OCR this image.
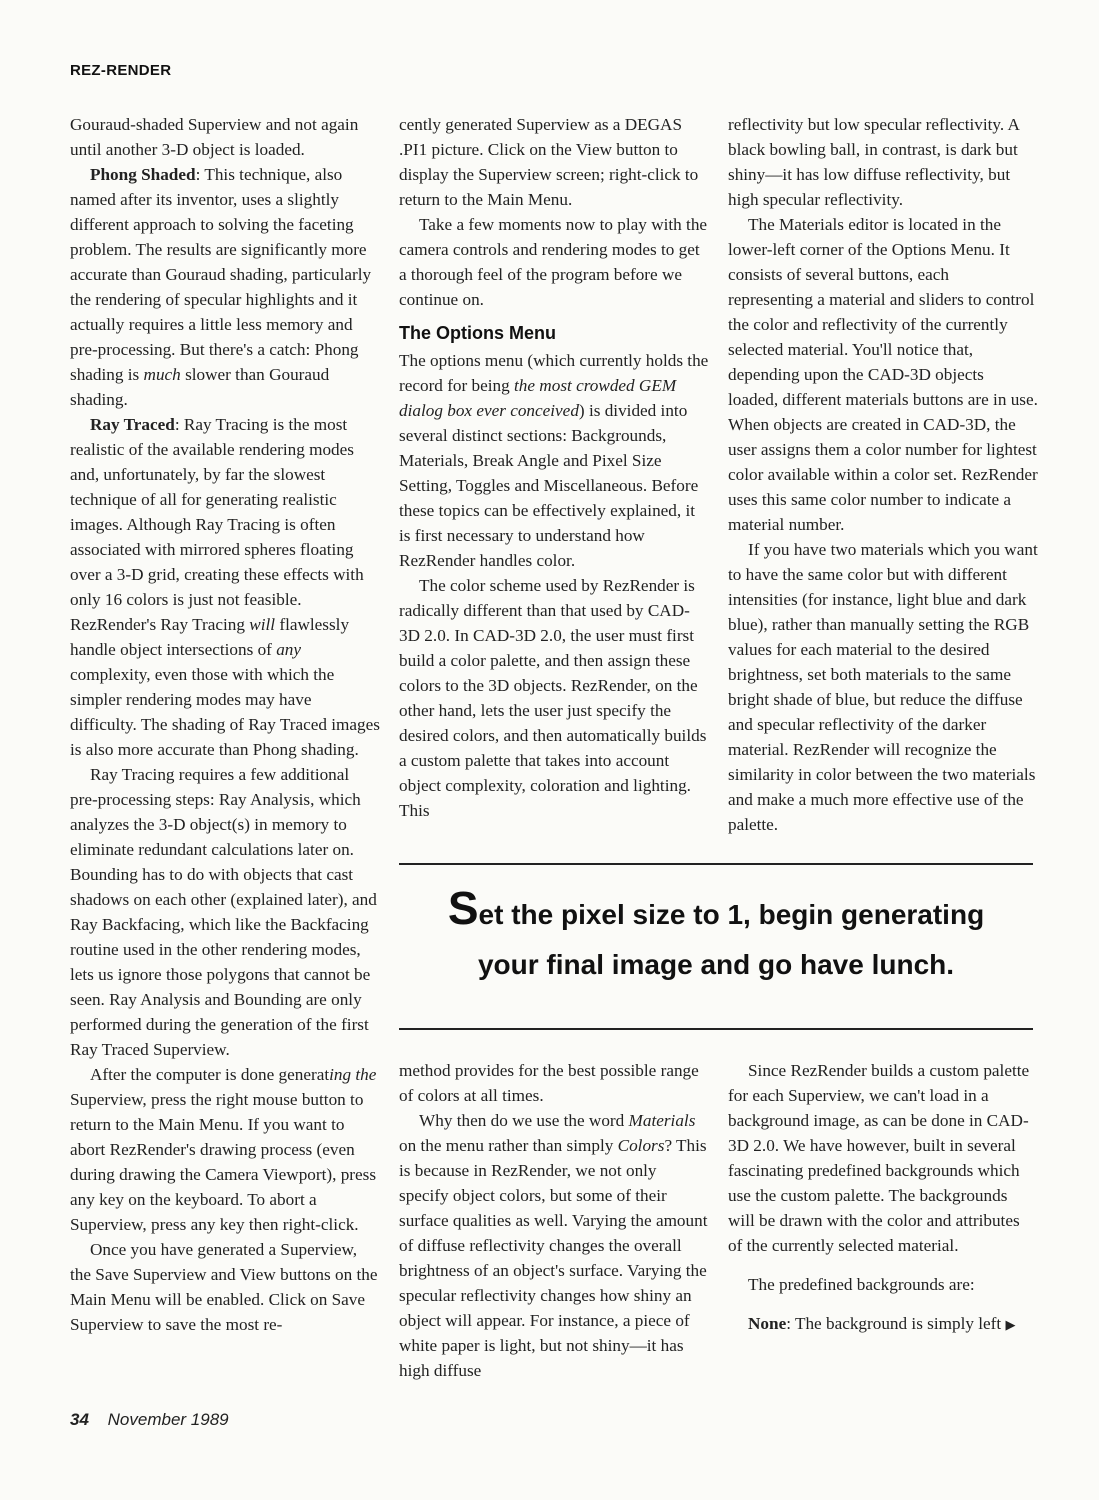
REZ-RENDER

Gouraud-shaded Superview and not again until another 3-D object is loaded.

Phong Shaded: This technique, also named after its inventor, uses a slightly different approach to solving the faceting problem. The results are significantly more accurate than Gouraud shading, particularly the rendering of specular highlights and it actually requires a little less memory and pre-processing. But there's a catch: Phong shading is much slower than Gouraud shading.

Ray Traced: Ray Tracing is the most realistic of the available rendering modes and, unfortunately, by far the slowest technique of all for generating realistic images. Although Ray Tracing is often associated with mirrored spheres floating over a 3-D grid, creating these effects with only 16 colors is just not feasible. RezRender's Ray Tracing will flawlessly handle object intersections of any complexity, even those with which the simpler rendering modes may have difficulty. The shading of Ray Traced images is also more accurate than Phong shading.

Ray Tracing requires a few additional pre-processing steps: Ray Analysis, which analyzes the 3-D object(s) in memory to eliminate redundant calculations later on. Bounding has to do with objects that cast shadows on each other (explained later), and Ray Backfacing, which like the Backfacing routine used in the other rendering modes, lets us ignore those polygons that cannot be seen. Ray Analysis and Bounding are only performed during the generation of the first Ray Traced Superview.

After the computer is done generating the Superview, press the right mouse button to return to the Main Menu. If you want to abort RezRender's drawing process (even during drawing the Camera Viewport), press any key on the keyboard. To abort a Superview, press any key then right-click.

Once you have generated a Superview, the Save Superview and View buttons on the Main Menu will be enabled. Click on Save Superview to save the most re-

cently generated Superview as a DEGAS .PI1 picture. Click on the View button to display the Superview screen; right-click to return to the Main Menu.

Take a few moments now to play with the camera controls and rendering modes to get a thorough feel of the program before we continue on.

The Options Menu

The options menu (which currently holds the record for being the most crowded GEM dialog box ever conceived) is divided into several distinct sections: Backgrounds, Materials, Break Angle and Pixel Size Setting, Toggles and Miscellaneous. Before these topics can be effectively explained, it is first necessary to understand how RezRender handles color.

The color scheme used by RezRender is radically different than that used by CAD-3D 2.0. In CAD-3D 2.0, the user must first build a color palette, and then assign these colors to the 3D objects. RezRender, on the other hand, lets the user just specify the desired colors, and then automatically builds a custom palette that takes into account object complexity, coloration and lighting. This

reflectivity but low specular reflectivity. A black bowling ball, in contrast, is dark but shiny—it has low diffuse reflectivity, but high specular reflectivity.

The Materials editor is located in the lower-left corner of the Options Menu. It consists of several buttons, each representing a material and sliders to control the color and reflectivity of the currently selected material. You'll notice that, depending upon the CAD-3D objects loaded, different materials buttons are in use. When objects are created in CAD-3D, the user assigns them a color number for lightest color available within a color set. RezRender uses this same color number to indicate a material number.

If you have two materials which you want to have the same color but with different intensities (for instance, light blue and dark blue), rather than manually setting the RGB values for each material to the desired brightness, set both materials to the same bright shade of blue, but reduce the diffuse and specular reflectivity of the darker material. RezRender will recognize the similarity in color between the two materials and make a much more effective use of the palette.

Set the pixel size to 1, begin generating
your final image and go have lunch.

method provides for the best possible range of colors at all times.

Why then do we use the word Materials on the menu rather than simply Colors? This is because in RezRender, we not only specify object colors, but some of their surface qualities as well. Varying the amount of diffuse reflectivity changes the overall brightness of an object's surface. Varying the specular reflectivity changes how shiny an object will appear. For instance, a piece of white paper is light, but not shiny—it has high diffuse

Since RezRender builds a custom palette for each Superview, we can't load in a background image, as can be done in CAD-3D 2.0. We have however, built in several fascinating predefined backgrounds which use the custom palette. The backgrounds will be drawn with the color and attributes of the currently selected material.

The predefined backgrounds are:

None: The background is simply left ▶

34 November 1989
